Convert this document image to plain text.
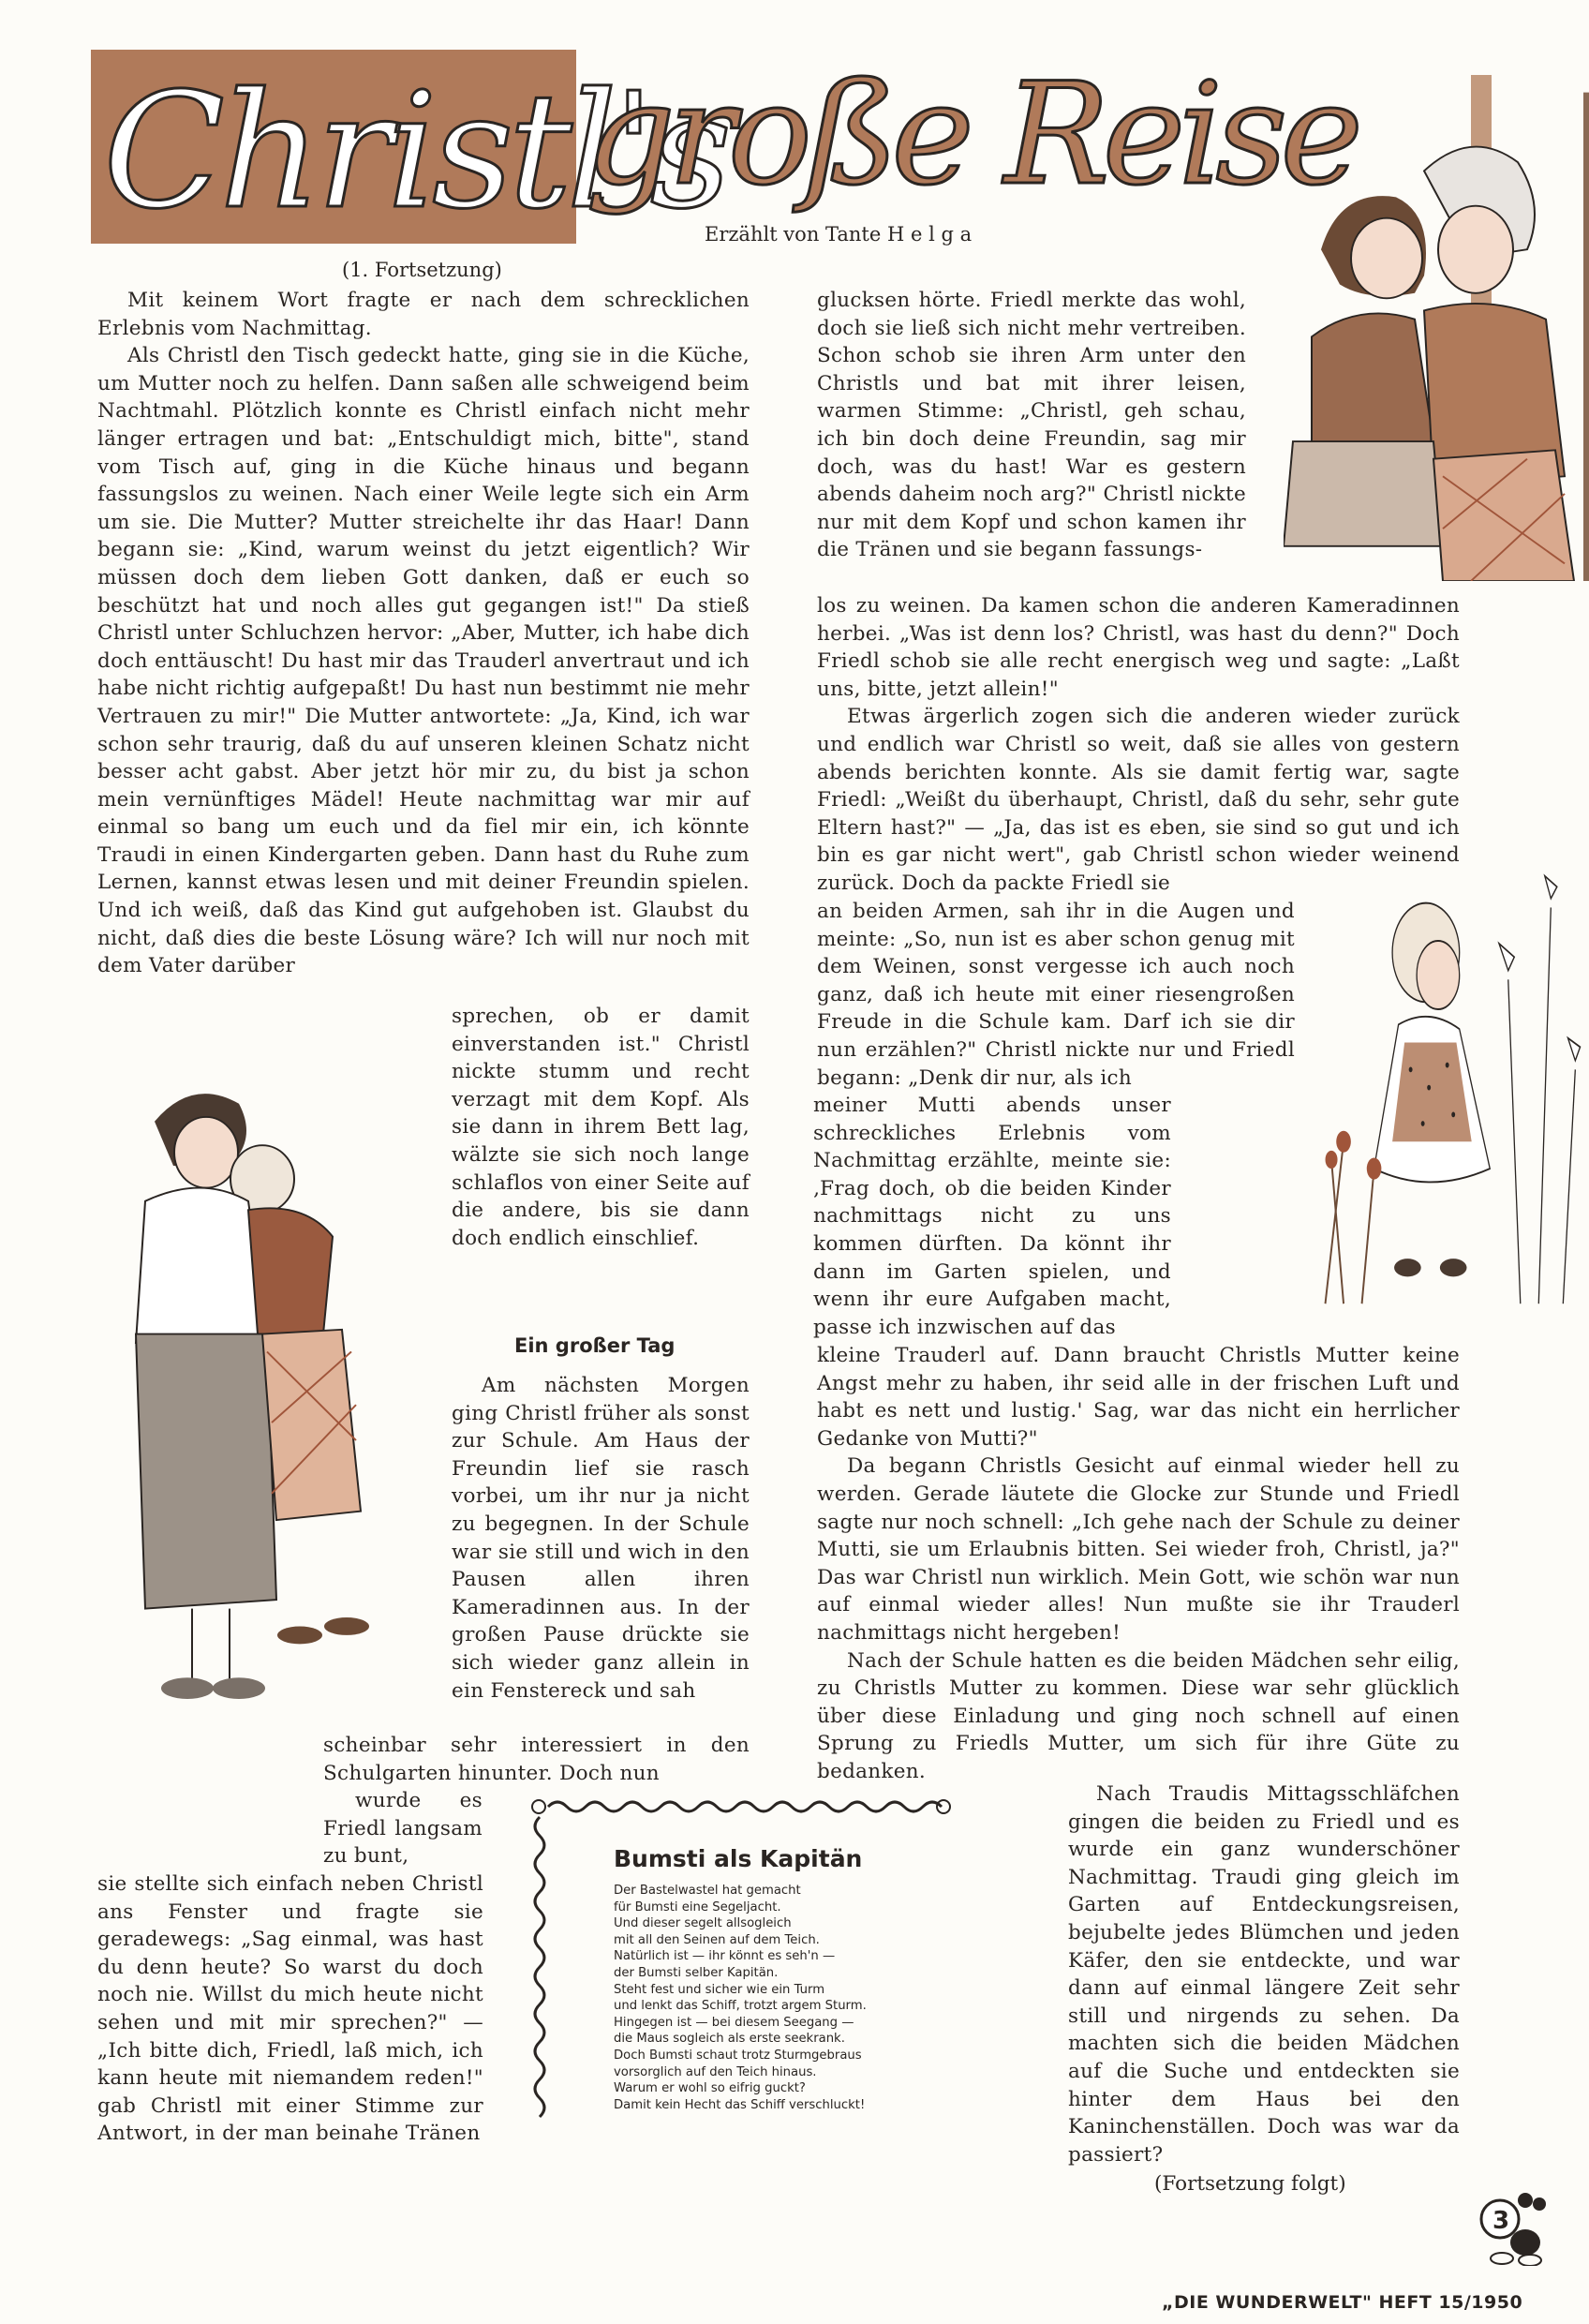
Christl's
große Reise
Erzählt von Tante H e l g a
(1. Fortsetzung)

Mit keinem Wort fragte er nach dem schrecklichen Erlebnis vom Nachmittag.

Als Christl den Tisch gedeckt hatte, ging sie in die Küche, um Mutter noch zu helfen. Dann saßen alle schweigend beim Nachtmahl. Plötzlich konnte es Christl einfach nicht mehr länger ertragen und bat: „Entschuldigt mich, bitte", stand vom Tisch auf, ging in die Küche hinaus und begann fassungslos zu weinen. Nach einer Weile legte sich ein Arm um sie. Die Mutter? Mutter streichelte ihr das Haar! Dann begann sie: „Kind, warum weinst du jetzt eigentlich? Wir müssen doch dem lieben Gott danken, daß er euch so beschützt hat und noch alles gut gegangen ist!" Da stieß Christl unter Schluchzen hervor: „Aber, Mutter, ich habe dich doch enttäuscht! Du hast mir das Trauderl anvertraut und ich habe nicht richtig aufgepaßt! Du hast nun bestimmt nie mehr Vertrauen zu mir!" Die Mutter antwortete: „Ja, Kind, ich war schon sehr traurig, daß du auf unseren kleinen Schatz nicht besser acht gabst. Aber jetzt hör mir zu, du bist ja schon mein vernünftiges Mädel! Heute nachmittag war mir auf einmal so bang um euch und da fiel mir ein, ich könnte Traudi in einen Kindergarten geben. Dann hast du Ruhe zum Lernen, kannst etwas lesen und mit deiner Freundin spielen. Und ich weiß, daß das Kind gut aufgehoben ist. Glaubst du nicht, daß dies die beste Lösung wäre? Ich will nur noch mit dem Vater darüber

sprechen, ob er damit einverstanden ist." Christl nickte stumm und recht verzagt mit dem Kopf. Als sie dann in ihrem Bett lag, wälzte sie sich noch lange schlaflos von einer Seite auf die andere, bis sie dann doch endlich einschlief.

Ein großer Tag

Am nächsten Morgen ging Christl früher als sonst zur Schule. Am Haus der Freundin lief sie rasch vorbei, um ihr nur ja nicht zu begegnen. In der Schule war sie still und wich in den Pausen allen ihren Kameradinnen aus. In der großen Pause drückte sie sich wieder ganz allein in ein Fenstereck und sah

scheinbar sehr interessiert in den Schulgarten hinunter. Doch nun

wurde es Friedl langsam zu bunt,

sie stellte sich einfach neben Christl ans Fenster und fragte sie geradewegs: „Sag einmal, was hast du denn heute? So warst du doch noch nie. Willst du mich heute nicht sehen und mit mir sprechen?" — „Ich bitte dich, Friedl, laß mich, ich kann heute mit niemandem reden!" gab Christl mit einer Stimme zur Antwort, in der man beinahe Tränen

glucksen hörte. Friedl merkte das wohl, doch sie ließ sich nicht mehr vertreiben. Schon schob sie ihren Arm unter den Christls und bat mit ihrer leisen, warmen Stimme: „Christl, geh schau, ich bin doch deine Freundin, sag mir doch, was du hast! War es gestern abends daheim noch arg?" Christl nickte nur mit dem Kopf und schon kamen ihr die Tränen und sie begann fassungs-

los zu weinen. Da kamen schon die anderen Kameradinnen herbei. „Was ist denn los? Christl, was hast du denn?" Doch Friedl schob sie alle recht energisch weg und sagte: „Laßt uns, bitte, jetzt allein!"

Etwas ärgerlich zogen sich die anderen wieder zurück und endlich war Christl so weit, daß sie alles von gestern abends berichten konnte. Als sie damit fertig war, sagte Friedl: „Weißt du überhaupt, Christl, daß du sehr, sehr gute Eltern hast?" — „Ja, das ist es eben, sie sind so gut und ich bin es gar nicht wert", gab Christl schon wieder weinend zurück. Doch da packte Friedl sie

an beiden Armen, sah ihr in die Augen und meinte: „So, nun ist es aber schon genug mit dem Weinen, sonst vergesse ich auch noch ganz, daß ich heute mit einer riesengroßen Freude in die Schule kam. Darf ich sie dir nun erzählen?" Christl nickte nur und Friedl begann: „Denk dir nur, als ich

meiner Mutti abends unser schreckliches Erlebnis vom Nachmittag erzählte, meinte sie: ‚Frag doch, ob die beiden Kinder nachmittags nicht zu uns kommen dürften. Da könnt ihr dann im Garten spielen, und wenn ihr eure Aufgaben macht, passe ich inzwischen auf das

kleine Trauderl auf. Dann braucht Christls Mutter keine Angst mehr zu haben, ihr seid alle in der frischen Luft und habt es nett und lustig.' Sag, war das nicht ein herrlicher Gedanke von Mutti?"

Da begann Christls Gesicht auf einmal wieder hell zu werden. Gerade läutete die Glocke zur Stunde und Friedl sagte nur noch schnell: „Ich gehe nach der Schule zu deiner Mutti, sie um Erlaubnis bitten. Sei wieder froh, Christl, ja?" Das war Christl nun wirklich. Mein Gott, wie schön war nun auf einmal wieder alles! Nun mußte sie ihr Trauderl nachmittags nicht hergeben!

Nach der Schule hatten es die beiden Mädchen sehr eilig, zu Christls Mutter zu kommen. Diese war sehr glücklich über diese Einladung und ging noch schnell auf einen Sprung zu Friedls Mutter, um sich für ihre Güte zu bedanken.

Nach Traudis Mittagsschläfchen gingen die beiden zu Friedl und es wurde ein ganz wunderschöner Nachmittag. Traudi ging gleich im Garten auf Entdeckungsreisen, bejubelte jedes Blümchen und jeden Käfer, den sie entdeckte, und war dann auf einmal längere Zeit sehr still und nirgends zu sehen. Da machten sich die beiden Mädchen auf die Suche und entdeckten sie hinter dem Haus bei den Kaninchenställen. Doch was war da passiert?

(Fortsetzung folgt)
Bumsti als Kapitän
Der Bastelwastel hat gemacht
für Bumsti eine Segeljacht.
Und dieser segelt allsogleich
mit all den Seinen auf dem Teich.
Natürlich ist — ihr könnt es seh'n —
der Bumsti selber Kapitän.
Steht fest und sicher wie ein Turm
und lenkt das Schiff, trotzt argem Sturm.
Hingegen ist — bei diesem Seegang —
die Maus sogleich als erste seekrank.
Doch Bumsti schaut trotz Sturmgebraus
vorsorglich auf den Teich hinaus.
Warum er wohl so eifrig guckt?
Damit kein Hecht das Schiff verschluckt!
3
„DIE WUNDERWELT" HEFT 15/1950
